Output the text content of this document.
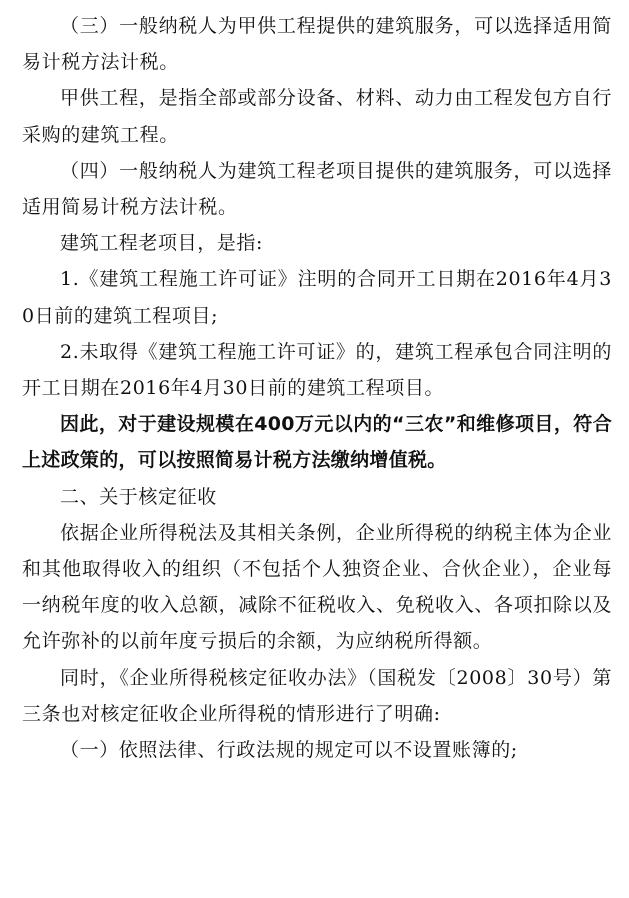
（三）一般纳税人为甲供工程提供的建筑服务，可以选择适用简易计税方法计税。

甲供工程，是指全部或部分设备、材料、动力由工程发包方自行采购的建筑工程。

（四）一般纳税人为建筑工程老项目提供的建筑服务，可以选择适用简易计税方法计税。

建筑工程老项目，是指:

1.《建筑工程施工许可证》注明的合同开工日期在2016年4月30日前的建筑工程项目;

2.未取得《建筑工程施工许可证》的，建筑工程承包合同注明的开工日期在2016年4月30日前的建筑工程项目。

因此，对于建设规模在400万元以内的“三农”和维修项目，符合上述政策的，可以按照简易计税方法缴纳增值税。

二、关于核定征收

依据企业所得税法及其相关条例，企业所得税的纳税主体为企业和其他取得收入的组织（不包括个人独资企业、合伙企业），企业每一纳税年度的收入总额，减除不征税收入、免税收入、各项扣除以及允许弥补的以前年度亏损后的余额，为应纳税所得额。

同时，《企业所得税核定征收办法》（国税发〔2008〕30号）第三条也对核定征收企业所得税的情形进行了明确:

（一）依照法律、行政法规的规定可以不设置账簿的;
